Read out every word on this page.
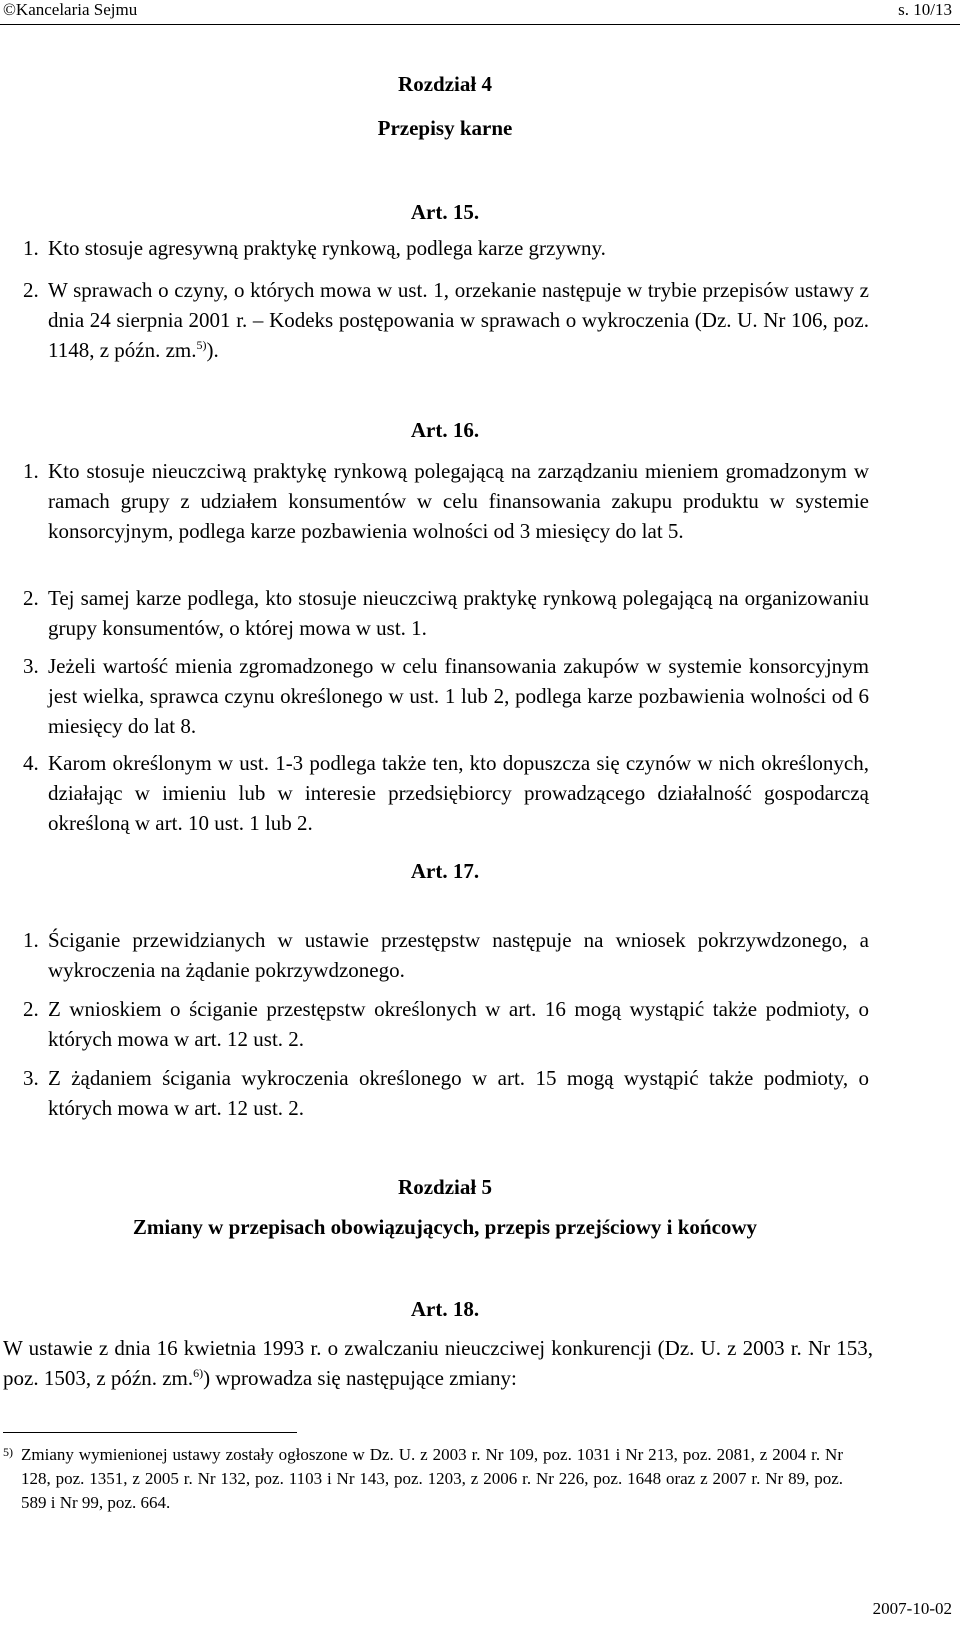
©Kancelaria Sejmu	s. 10/13
Rozdział 4
Przepisy karne
Art. 15.
1. Kto stosuje agresywną praktykę rynkową, podlega karze grzywny.
2. W sprawach o czyny, o których mowa w ust. 1, orzekanie następuje w trybie przepisów ustawy z dnia 24 sierpnia 2001 r. – Kodeks postępowania w sprawach o wykroczenia (Dz. U. Nr 106, poz. 1148, z późn. zm.$^{5)}$).
Art. 16.
1. Kto stosuje nieuczciwą praktykę rynkową polegającą na zarządzaniu mieniem gromadzonym w ramach grupy z udziałem konsumentów w celu finansowania zakupu produktu w systemie konsorcyjnym, podlega karze pozbawienia wolności od 3 miesięcy do lat 5.
2. Tej samej karze podlega, kto stosuje nieuczciwą praktykę rynkową polegającą na organizowaniu grupy konsumentów, o której mowa w ust. 1.
3. Jeżeli wartość mienia zgromadzonego w celu finansowania zakupów w systemie konsorcyjnym jest wielka, sprawca czynu określonego w ust. 1 lub 2, podlega karze pozbawienia wolności od 6 miesięcy do lat 8.
4. Karom określonym w ust. 1-3 podlega także ten, kto dopuszcza się czynów w nich określonych, działając w imieniu lub w interesie przedsiębiorcy prowadzącego działalność gospodarczą określoną w art. 10 ust. 1 lub 2.
Art. 17.
1. Ściganie przewidzianych w ustawie przestępstw następuje na wniosek pokrzywdzonego, a wykroczenia na żądanie pokrzywdzonego.
2. Z wnioskiem o ściganie przestępstw określonych w art. 16 mogą wystąpić także podmioty, o których mowa w art. 12 ust. 2.
3. Z żądaniem ścigania wykroczenia określonego w art. 15 mogą wystąpić także podmioty, o których mowa w art. 12 ust. 2.
Rozdział 5
Zmiany w przepisach obowiązujących, przepis przejściowy i końcowy
Art. 18.
W ustawie z dnia 16 kwietnia 1993 r. o zwalczaniu nieuczciwej konkurencji (Dz. U. z 2003 r. Nr 153, poz. 1503, z późn. zm.$^{6)}$) wprowadza się następujące zmiany:
5) Zmiany wymienionej ustawy zostały ogłoszone w Dz. U. z 2003 r. Nr 109, poz. 1031 i Nr 213, poz. 2081, z 2004 r. Nr 128, poz. 1351, z 2005 r. Nr 132, poz. 1103 i Nr 143, poz. 1203, z 2006 r. Nr 226, poz. 1648 oraz z 2007 r. Nr 89, poz. 589 i Nr 99, poz. 664.
2007-10-02
